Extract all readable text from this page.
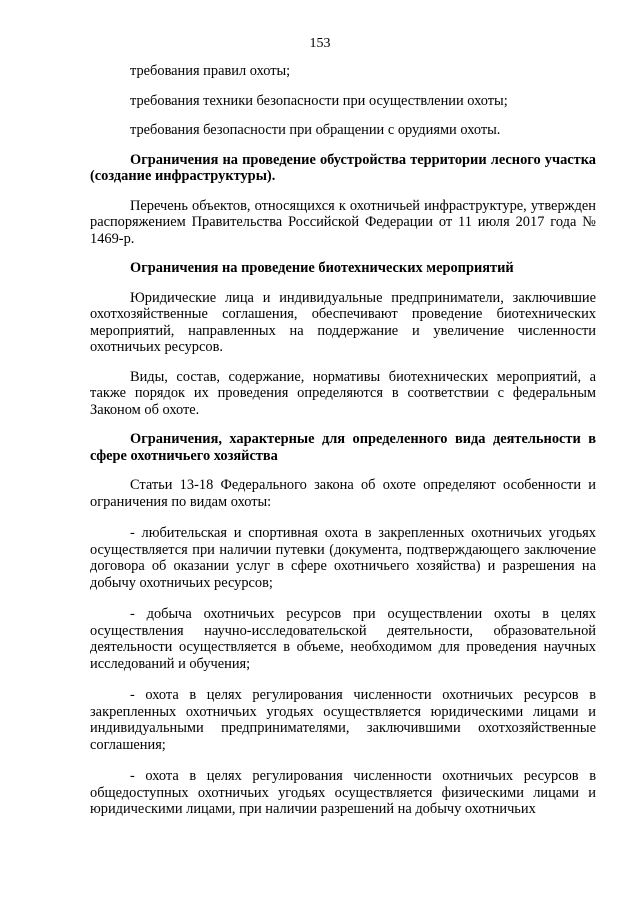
153

требования правил охоты;

требования техники безопасности при осуществлении охоты;

требования безопасности при обращении с орудиями охоты.

Ограничения на проведение обустройства территории лесного участка (создание инфраструктуры).

Перечень объектов, относящихся к охотничьей инфраструктуре, утвержден распоряжением Правительства Российской Федерации от 11 июля 2017 года № 1469-р.

Ограничения на проведение биотехнических мероприятий

Юридические лица и индивидуальные предприниматели, заключившие охотхозяйственные соглашения, обеспечивают проведение биотехнических мероприятий, направленных на поддержание и увеличение численности охотничьих ресурсов.

Виды, состав, содержание, нормативы биотехнических мероприятий, а также порядок их проведения определяются в соответствии с федеральным Законом об охоте.

Ограничения, характерные для определенного вида деятельности в сфере охотничьего хозяйства

Статьи 13-18 Федерального закона об охоте определяют особенности и ограничения по видам охоты:

- любительская и спортивная охота в закрепленных охотничьих угодьях осуществляется при наличии путевки (документа, подтверждающего заключение договора об оказании услуг в сфере охотничьего хозяйства) и разрешения на добычу охотничьих ресурсов;

- добыча охотничьих ресурсов при осуществлении охоты в целях осуществления научно-исследовательской деятельности, образовательной деятельности осуществляется в объеме, необходимом для проведения научных исследований и обучения;

- охота в целях регулирования численности охотничьих ресурсов в закрепленных охотничьих угодьях осуществляется юридическими лицами и индивидуальными предпринимателями, заключившими охотхозяйственные соглашения;

- охота в целях регулирования численности охотничьих ресурсов в общедоступных охотничьих угодьях осуществляется физическими лицами и юридическими лицами, при наличии разрешений на добычу охотничьих
